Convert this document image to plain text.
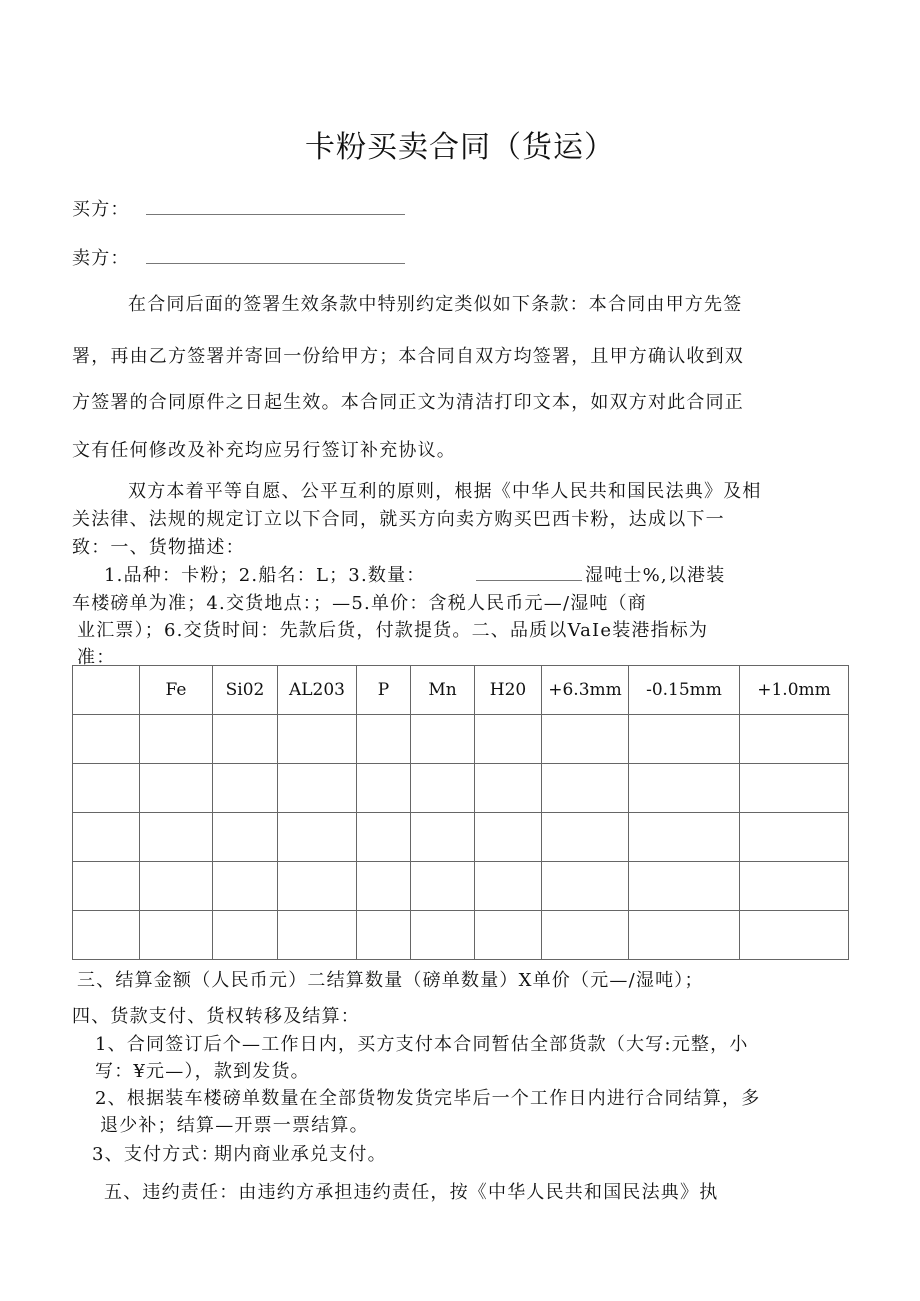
卡粉买卖合同（货运）
买方：
卖方：
在合同后面的签署生效条款中特别约定类似如下条款：本合同由甲方先签
署，再由乙方签署并寄回一份给甲方；本合同自双方均签署，且甲方确认收到双
方签署的合同原件之日起生效。本合同正文为清洁打印文本，如双方对此合同正
文有任何修改及补充均应另行签订补充协议。
双方本着平等自愿、公平互利的原则，根据《中华人民共和国民法典》及相
关法律、法规的规定订立以下合同，就买方向卖方购买巴西卡粉，达成以下一
致：一、货物描述：
1.品种：卡粉；2.船名：L；3.数量：	湿吨士%,以港装
车楼磅单为准；4.交货地点：；—5.单价：含税人民币元—/湿吨（商
业汇票）；6.交货时间：先款后货，付款提货。二、品质以VaIe装港指标为
准：
	Fe	Si02	AL203	P	Mn	H20	+6.3mm	-0.15mm	+1.0mm

三、结算金额（人民币元）二结算数量（磅单数量）X单价（元—/湿吨）；
四、货款支付、货权转移及结算：
1、合同签订后个—工作日内，买方支付本合同暂估全部货款（大写:元整，小
写：¥元—），款到发货。
2、根据装车楼磅单数量在全部货物发货完毕后一个工作日内进行合同结算，多
退少补；结算—开票一票结算。
3、支付方式：
期内商业承兑支付。
五、违约责任：由违约方承担违约责任，按《中华人民共和国民法典》执
